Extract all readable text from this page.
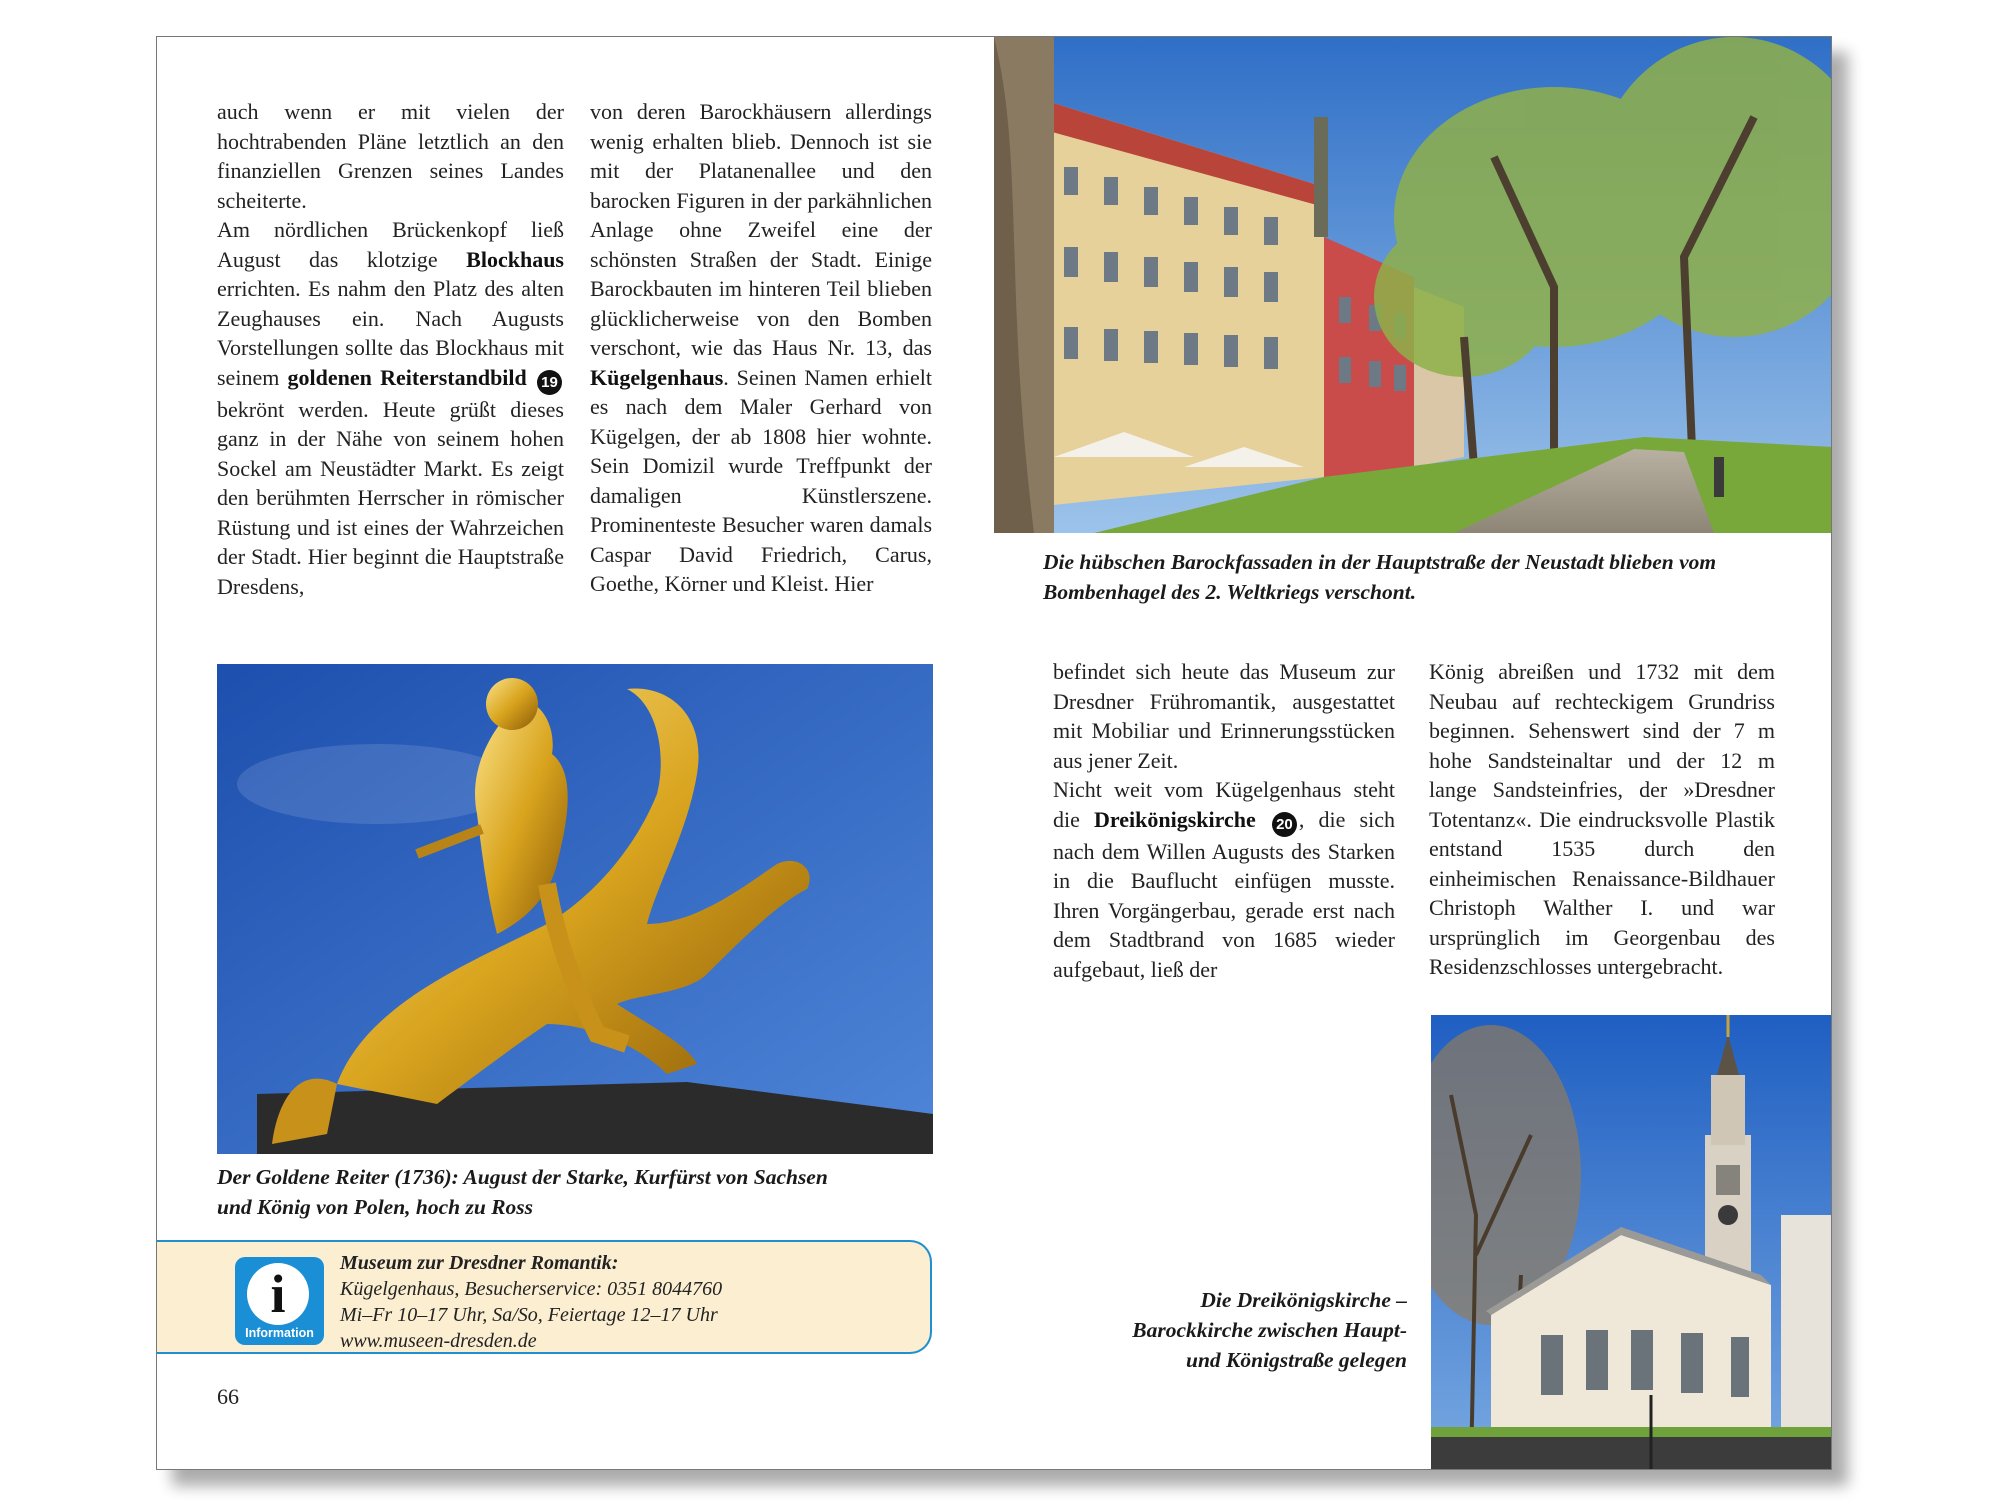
auch wenn er mit vielen der hochtrabenden Pläne letztlich an den finanziellen Grenzen seines Landes scheiterte.
Am nördlichen Brückenkopf ließ August das klotzige Blockhaus errichten. Es nahm den Platz des alten Zeughauses ein. Nach Augusts Vorstellungen sollte das Blockhaus mit seinem goldenen Reiterstandbild 19 bekrönt werden. Heute grüßt dieses ganz in der Nähe von seinem hohen Sockel am Neustädter Markt. Es zeigt den berühmten Herrscher in römischer Rüstung und ist eines der Wahrzeichen der Stadt. Hier beginnt die Hauptstraße Dresdens,
von deren Barockhäusern allerdings wenig erhalten blieb. Dennoch ist sie mit der Platanenallee und den barocken Figuren in der parkähnlichen Anlage ohne Zweifel eine der schönsten Straßen der Stadt. Einige Barockbauten im hinteren Teil blieben glücklicherweise von den Bomben verschont, wie das Haus Nr. 13, das Kügelgenhaus. Seinen Namen erhielt es nach dem Maler Gerhard von Kügelgen, der ab 1808 hier wohnte. Sein Domizil wurde Treffpunkt der damaligen Künstlerszene. Prominenteste Besucher waren damals Caspar David Friedrich, Carus, Goethe, Körner und Kleist. Hier
Die hübschen Barockfassaden in der Hauptstraße der Neustadt blieben vom Bombenhagel des 2. Weltkriegs verschont.
Der Goldene Reiter (1736): August der Starke, Kurfürst von Sachsen und König von Polen, hoch zu Ross
i
Information
Museum zur Dresdner Romantik:
Kügelgenhaus, Besucherservice: 0351 8044760
Mi–Fr 10–17 Uhr, Sa/So, Feiertage 12–17 Uhr
www.museen-dresden.de
66
befindet sich heute das Museum zur Dresdner Frühromantik, ausgestattet mit Mobiliar und Erinnerungsstücken aus jener Zeit.
Nicht weit vom Kügelgenhaus steht die Dreikönigskirche 20 , die sich nach dem Willen Augusts des Starken in die Bauflucht einfügen musste. Ihren Vorgängerbau, gerade erst nach dem Stadtbrand von 1685 wieder aufgebaut, ließ der
König abreißen und 1732 mit dem Neubau auf rechteckigem Grundriss beginnen. Sehenswert sind der 7 m hohe Sandsteinaltar und der 12 m lange Sandsteinfries, der »Dresdner Totentanz«. Die eindrucksvolle Plastik entstand 1535 durch den einheimischen Renaissance-Bildhauer Christoph Walther I. und war ursprünglich im Georgenbau des Residenzschlosses untergebracht.
Die Dreikönigskirche –
Barockkirche zwischen Haupt-
und Königstraße gelegen
